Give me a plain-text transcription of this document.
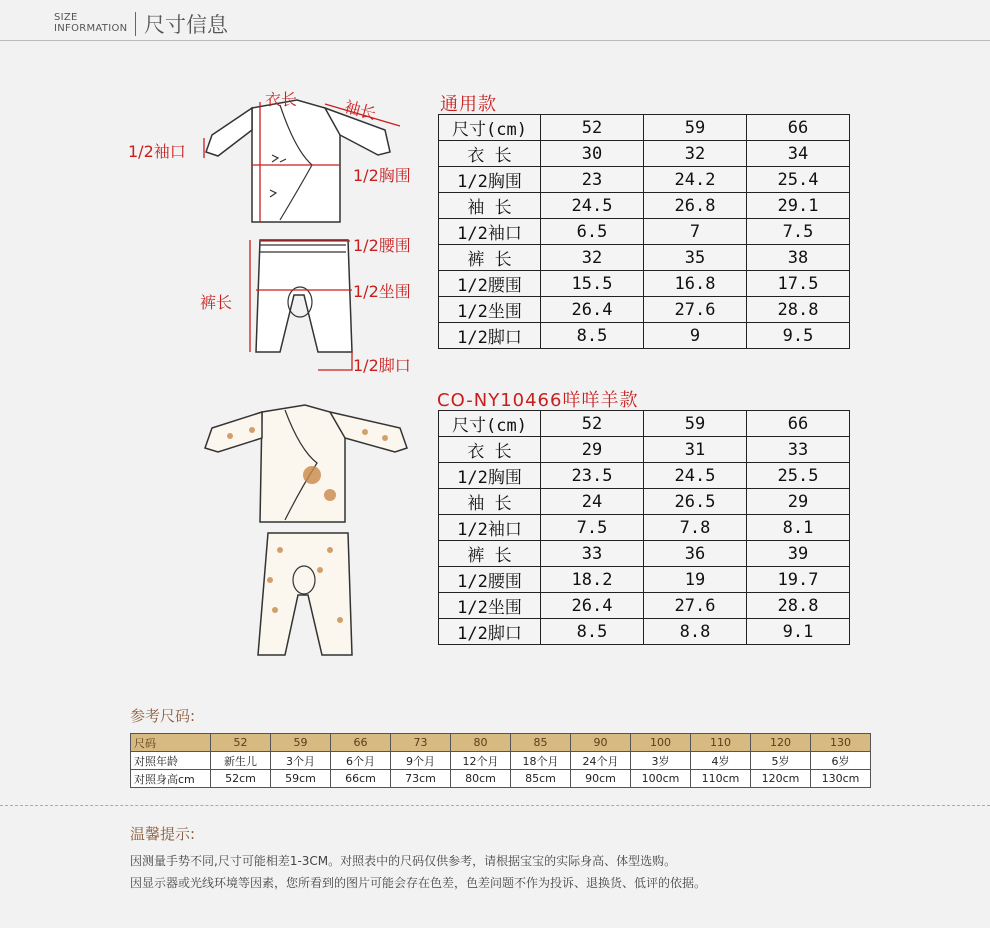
SIZE
INFORMATION 尺寸信息
衣长	袖长
1/2袖口
1/2胸围
1/2腰围
裤长
1/2坐围
1/2脚口
通用款
尺寸(cm)	52	59	66
衣 长	30	32	34
1/2胸围	23	24.2	25.4
袖 长	24.5	26.8	29.1
1/2袖口	6.5	7	7.5
裤 长	32	35	38
1/2腰围	15.5	16.8	17.5
1/2坐围	26.4	27.6	28.8
1/2脚口	8.5	9	9.5
CO-NY10466咩咩羊款
尺寸(cm)	52	59	66
衣 长	29	31	33
1/2胸围	23.5	24.5	25.5
袖 长	24	26.5	29
1/2袖口	7.5	7.8	8.1
裤 长	33	36	39
1/2腰围	18.2	19	19.7
1/2坐围	26.4	27.6	28.8
1/2脚口	8.5	8.8	9.1
参考尺码:
尺码	52	59	66	73	80	85	90	100	110	120	130
对照年龄	新生儿	3个月	6个月	9个月	12个月	18个月	24个月	3岁	4岁	5岁	6岁
对照身高cm	52cm	59cm	66cm	73cm	80cm	85cm	90cm	100cm	110cm	120cm	130cm
温馨提示:
因测量手势不同,尺寸可能相差1-3CM。对照表中的尺码仅供参考，请根据宝宝的实际身高、体型选购。
因显示器或光线环境等因素，您所看到的图片可能会存在色差，色差问题不作为投诉、退换货、低评的依据。
